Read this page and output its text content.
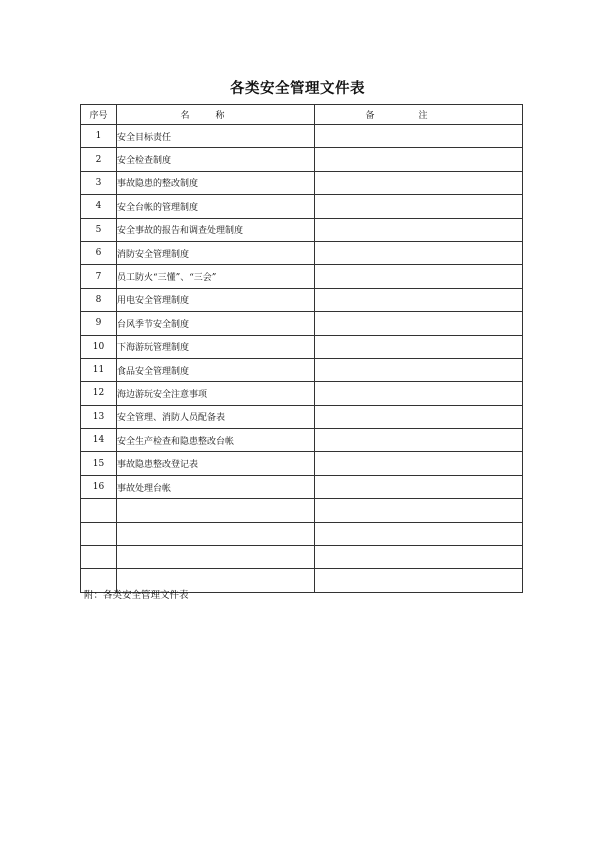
各类安全管理文件表
序号	名称	备注
1	安全目标责任	
2	安全检查制度	
3	事故隐患的整改制度	
4	安全台帐的管理制度	
5	安全事故的报告和调查处理制度	
6	消防安全管理制度	
7	员工防火“三懂”、“三会”	
8	用电安全管理制度	
9	台风季节安全制度	
10	下海游玩管理制度	
11	食品安全管理制度	
12	海边游玩安全注意事项	
13	安全管理、消防人员配备表	
14	安全生产检查和隐患整改台帐	
15	事故隐患整改登记表	
16	事故处理台帐	

附：各类安全管理文件表
